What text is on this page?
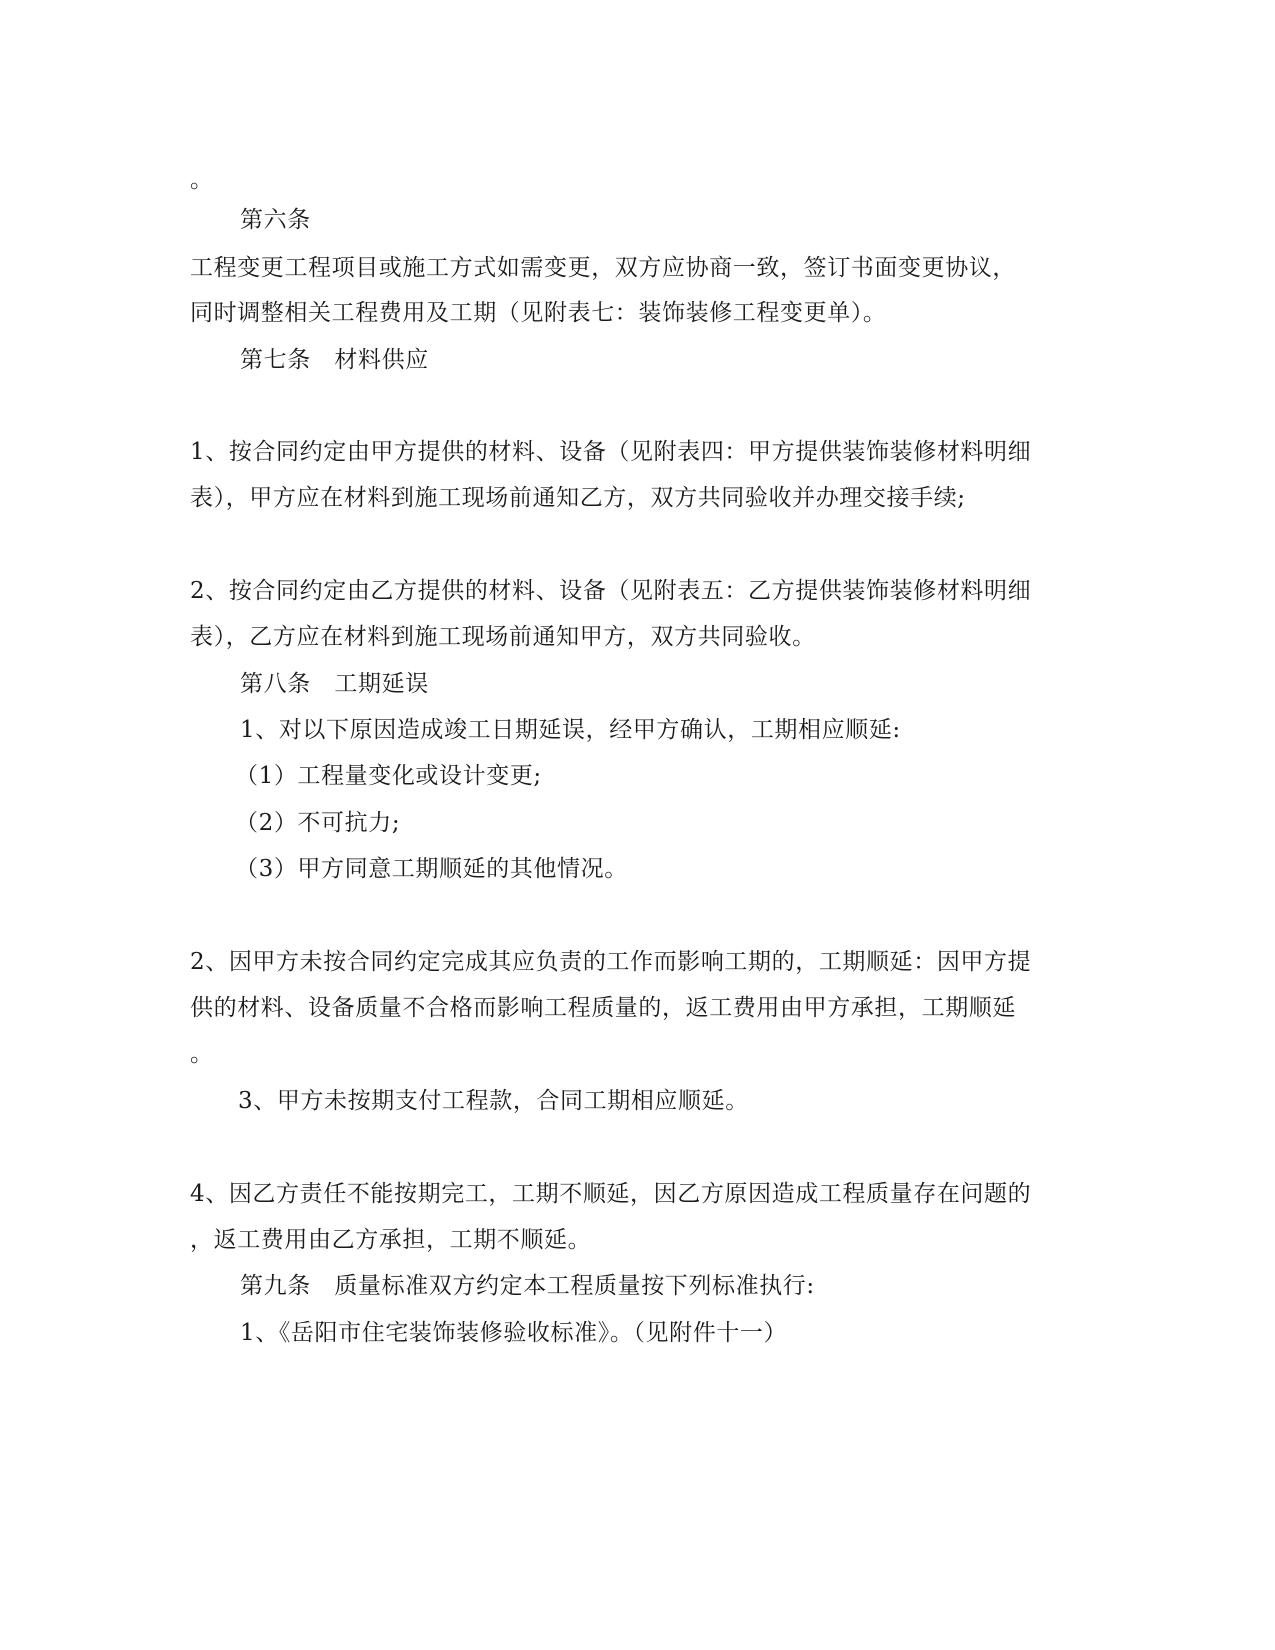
。
第六条
工程变更工程项目或施工方式如需变更，双方应协商一致，签订书面变更协议，
同时调整相关工程费用及工期（见附表七：装饰装修工程变更单）。
第七条　材料供应
1、按合同约定由甲方提供的材料、设备（见附表四：甲方提供装饰装修材料明细
表），甲方应在材料到施工现场前通知乙方，双方共同验收并办理交接手续;
2、按合同约定由乙方提供的材料、设备（见附表五：乙方提供装饰装修材料明细
表），乙方应在材料到施工现场前通知甲方，双方共同验收。
第八条　工期延误
1、对以下原因造成竣工日期延误，经甲方确认，工期相应顺延:
（1）工程量变化或设计变更;
（2）不可抗力;
（3）甲方同意工期顺延的其他情况。
2、因甲方未按合同约定完成其应负责的工作而影响工期的，工期顺延：因甲方提
供的材料、设备质量不合格而影响工程质量的，返工费用由甲方承担，工期顺延
。
3、甲方未按期支付工程款，合同工期相应顺延。
4、因乙方责任不能按期完工，工期不顺延，因乙方原因造成工程质量存在问题的
，返工费用由乙方承担，工期不顺延。
第九条　质量标准双方约定本工程质量按下列标准执行:
1、《岳阳市住宅装饰装修验收标准》。（见附件十一）
